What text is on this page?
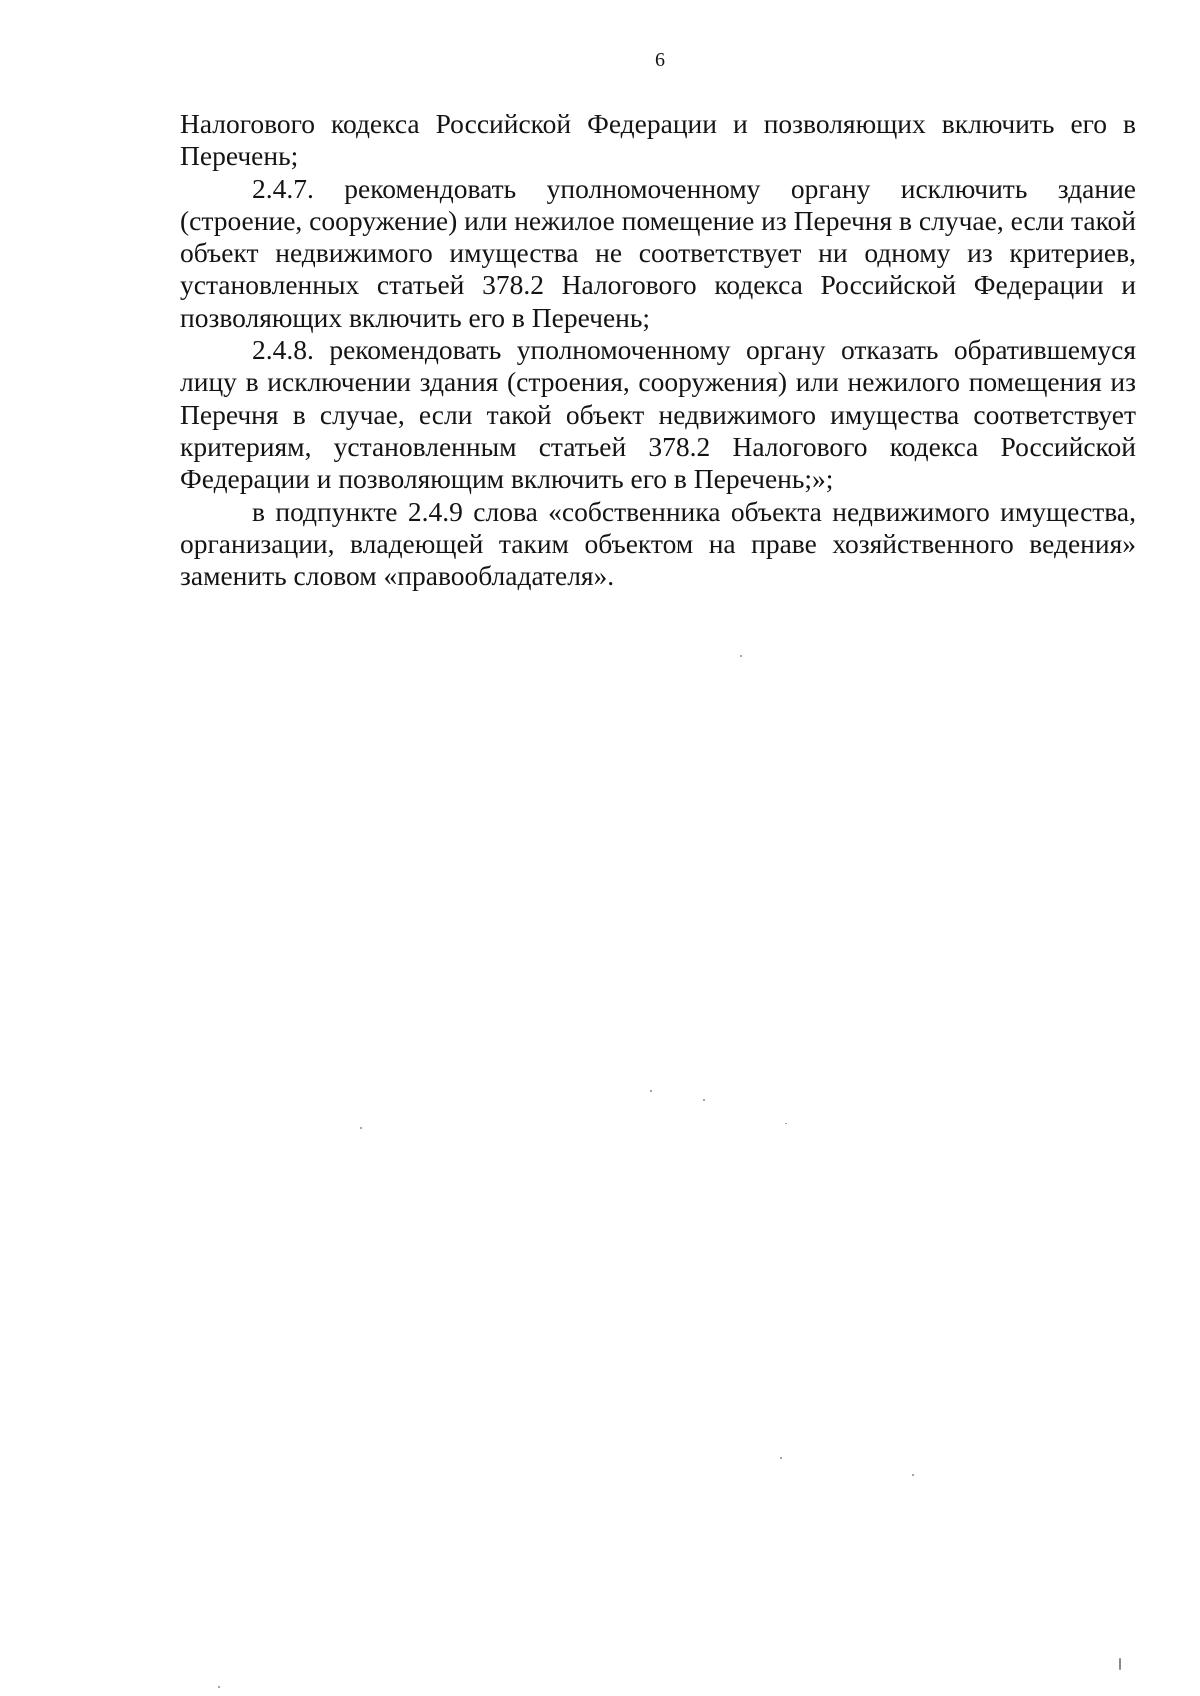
6

Налогового кодекса Российской Федерации и позволяющих включить его в Перечень;

2.4.7. рекомендовать уполномоченному органу исключить здание (строение, сооружение) или нежилое помещение из Перечня в случае, если такой объект недвижимого имущества не соответствует ни одному из критериев, установленных статьей 378.2 Налогового кодекса Российской Федерации и позволяющих включить его в Перечень;

2.4.8. рекомендовать уполномоченному органу отказать обратившемуся лицу в исключении здания (строения, сооружения) или нежилого помещения из Перечня в случае, если такой объект недвижимого имущества соответствует критериям, установленным статьей 378.2 Налогового кодекса Российской Федерации и позволяющим включить его в Перечень;»;

в подпункте 2.4.9 слова «собственника объекта недвижимого имущества, организации, владеющей таким объектом на праве хозяйственного ведения» заменить словом «правообладателя».
